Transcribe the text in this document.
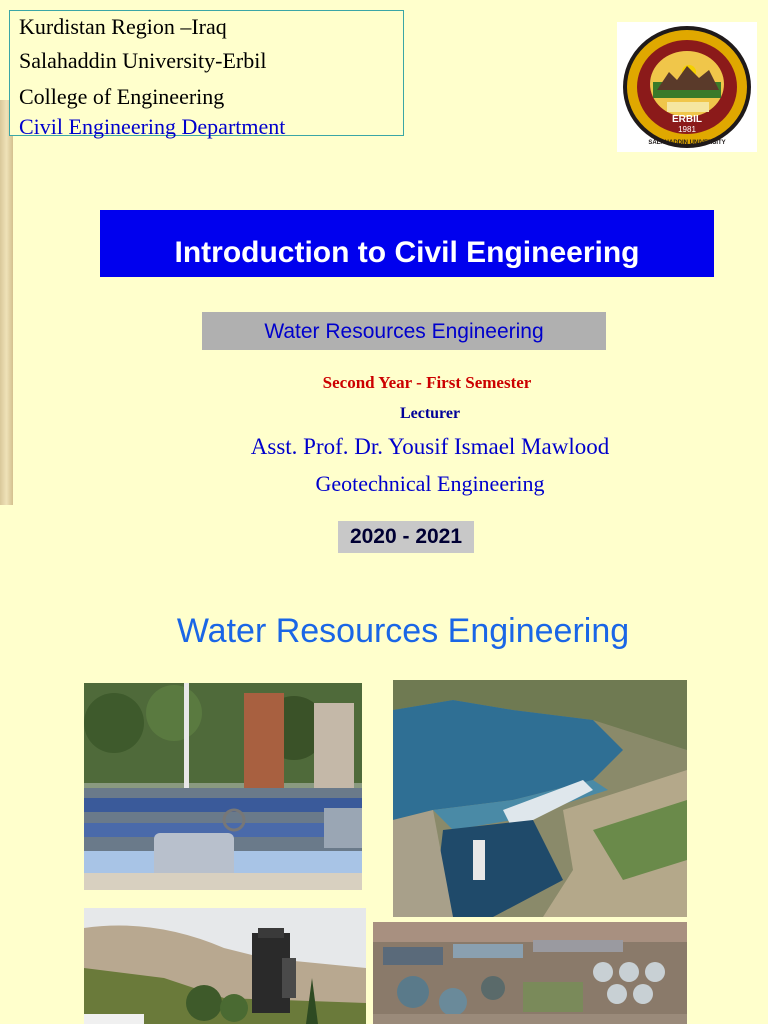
Kurdistan Region –Iraq
Salahaddin University-Erbil
College of Engineering
Civil Engineering Department	ERBIL
1981
SALAHADDIN UNIVERSITY
Introduction to Civil Engineering
Water Resources Engineering
Second Year - First Semester
Lecturer
Asst. Prof. Dr. Yousif Ismael Mawlood
Geotechnical Engineering
2020 - 2021
Water Resources Engineering
